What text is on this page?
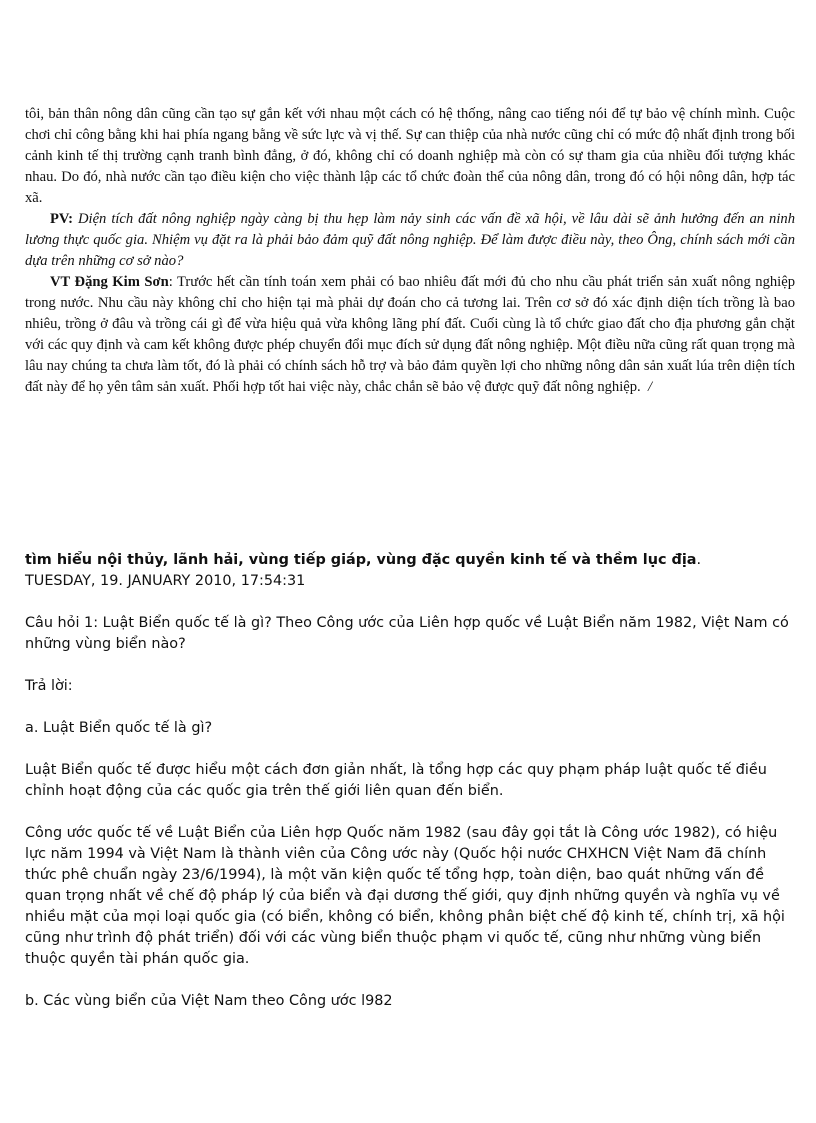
tôi, bản thân nông dân cũng cần tạo sự gắn kết với nhau một cách có hệ thống, nâng cao tiếng nói để tự bảo vệ chính mình. Cuộc chơi chỉ công bằng khi hai phía ngang bằng về sức lực và vị thế. Sự can thiệp của nhà nước cũng chỉ có mức độ nhất định trong bối cảnh kinh tế thị trường cạnh tranh bình đẳng, ở đó, không chỉ có doanh nghiệp mà còn có sự tham gia của nhiều đối tượng khác nhau. Do đó, nhà nước cần tạo điều kiện cho việc thành lập các tổ chức đoàn thể của nông dân, trong đó có hội nông dân, hợp tác xã.

PV: Diện tích đất nông nghiệp ngày càng bị thu hẹp làm nảy sinh các vấn đề xã hội, về lâu dài sẽ ảnh hưởng đến an ninh lương thực quốc gia. Nhiệm vụ đặt ra là phải bảo đảm quỹ đất nông nghiệp. Để làm được điều này, theo Ông, chính sách mới cần dựa trên những cơ sở nào?

VT Đặng Kim Sơn: Trước hết cần tính toán xem phải có bao nhiêu đất mới đủ cho nhu cầu phát triển sản xuất nông nghiệp trong nước. Nhu cầu này không chỉ cho hiện tại mà phải dự đoán cho cả tương lai. Trên cơ sở đó xác định diện tích trồng là bao nhiêu, trồng ở đâu và trồng cái gì để vừa hiệu quả vừa không lãng phí đất. Cuối cùng là tổ chức giao đất cho địa phương gắn chặt với các quy định và cam kết không được phép chuyển đổi mục đích sử dụng đất nông nghiệp. Một điều nữa cũng rất quan trọng mà lâu nay chúng ta chưa làm tốt, đó là phải có chính sách hỗ trợ và bảo đảm quyền lợi cho những nông dân sản xuất lúa trên diện tích đất này để họ yên tâm sản xuất. Phối hợp tốt hai việc này, chắc chắn sẽ bảo vệ được quỹ đất nông nghiệp. /

tìm hiểu nội thủy, lãnh hải, vùng tiếp giáp, vùng đặc quyền kinh tế và thềm lục địa.

TUESDAY, 19. JANUARY 2010, 17:54:31

Câu hỏi 1: Luật Biển quốc tế là gì? Theo Công ước của Liên hợp quốc về Luật Biển năm 1982, Việt Nam có những vùng biển nào?

Trả lời:

a. Luật Biển quốc tế là gì?

Luật Biển quốc tế được hiểu một cách đơn giản nhất, là tổng hợp các quy phạm pháp luật quốc tế điều chỉnh hoạt động của các quốc gia trên thế giới liên quan đến biển.

Công ước quốc tế về Luật Biển của Liên hợp Quốc năm 1982 (sau đây gọi tắt là Công ước 1982), có hiệu lực năm 1994 và Việt Nam là thành viên của Công ước này (Quốc hội nước CHXHCN Việt Nam đã chính thức phê chuẩn ngày 23/6/1994), là một văn kiện quốc tế tổng hợp, toàn diện, bao quát những vấn đề quan trọng nhất về chế độ pháp lý của biển và đại dương thế giới, quy định những quyền và nghĩa vụ về nhiều mặt của mọi loại quốc gia (có biển, không có biển, không phân biệt chế độ kinh tế, chính trị, xã hội cũng như trình độ phát triển) đối với các vùng biển thuộc phạm vi quốc tế, cũng như những vùng biển thuộc quyền tài phán quốc gia.

b. Các vùng biển của Việt Nam theo Công ước l982
